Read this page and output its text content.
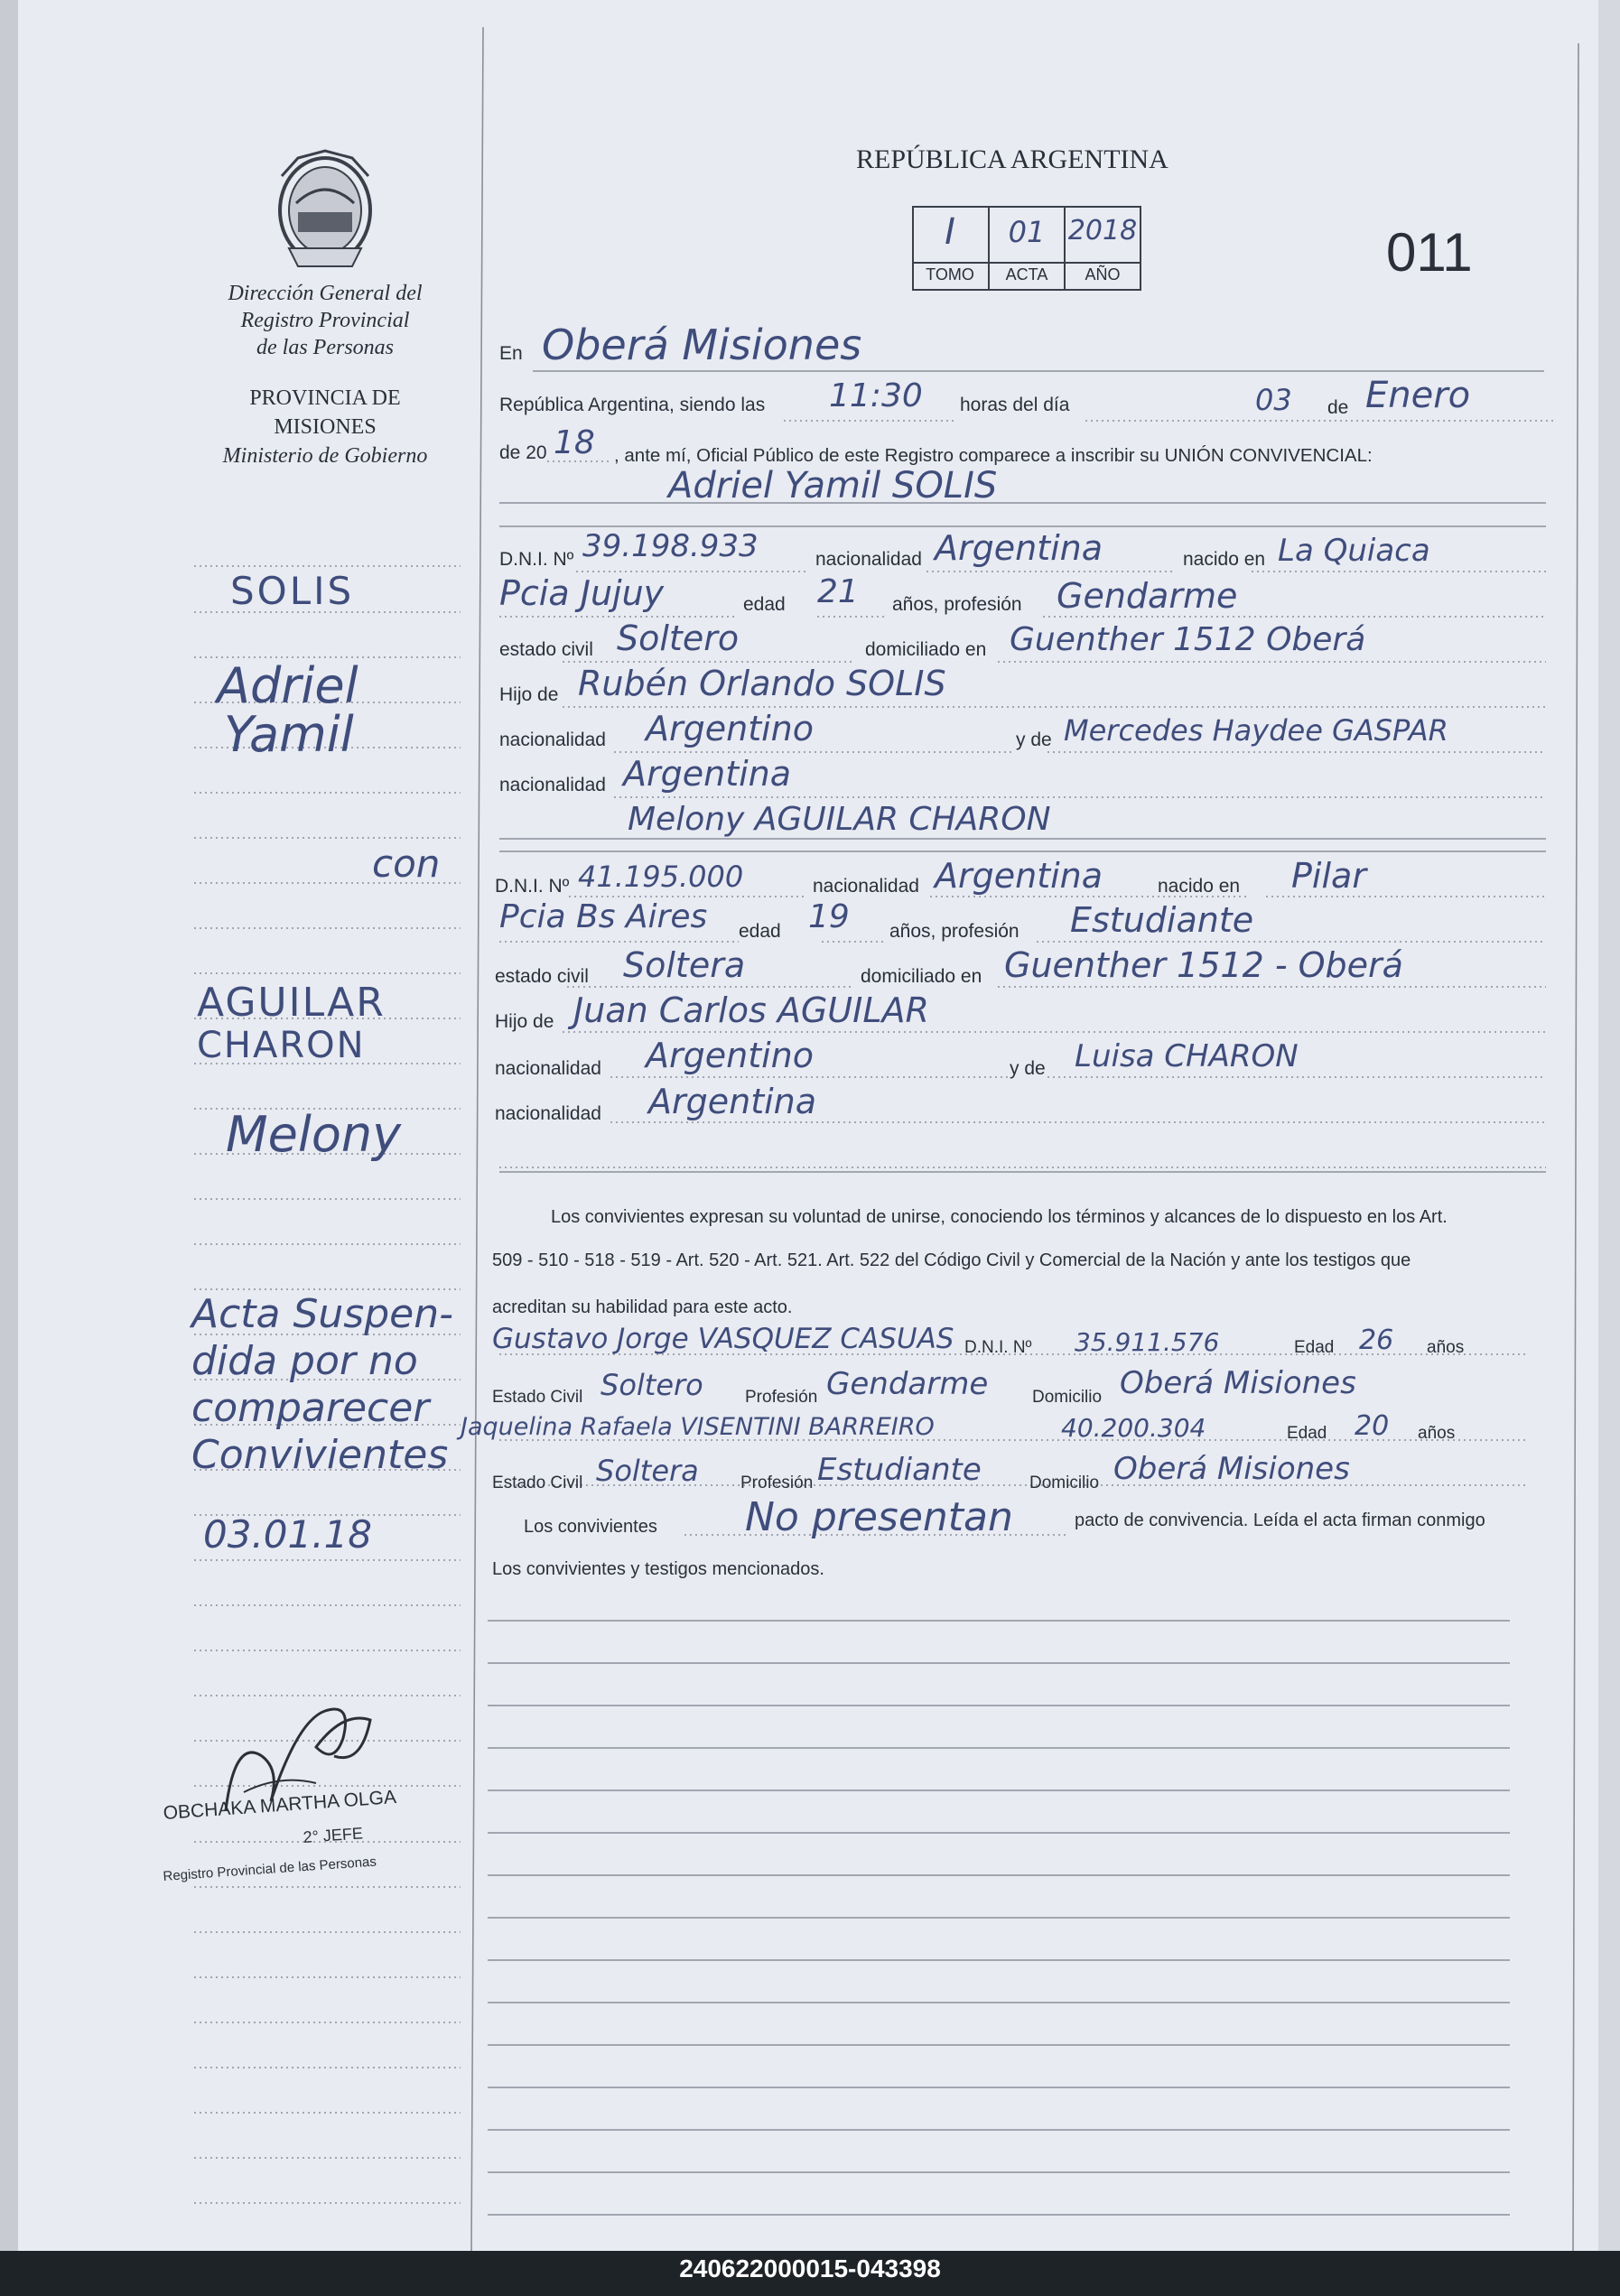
Dirección General del
Registro Provincial
de las Personas
PROVINCIA DE
MISIONES
Ministerio de Gobierno
REPÚBLICA ARGENTINA
I	01 2018
TOMO	ACTA	AÑO	011
En Oberá Misiones
República Argentina, siendo las 11:30 horas del día	03 de Enero
de 20 18 , ante mí, Oficial Público de este Registro comparece a inscribir su UNIÓN CONVIVENCIAL:
Adriel Yamil SOLIS
D.N.I. Nº 39.198.933	nacionalidad Argentina	nacido en La Quiaca
Pcia Jujuy	edad 21 años, profesión Gendarme
estado civil Soltero	domiciliado en Guenther 1512 Oberá
Hijo de Rubén Orlando SOLIS
nacionalidad Argentino	y de Mercedes Haydee GASPAR
nacionalidad Argentina
Melony AGUILAR CHARON
D.N.I. Nº 41.195.000	nacionalidad Argentina	nacido en Pilar
Pcia Bs Aires edad 19 años, profesión Estudiante
estado civil Soltera	domiciliado en Guenther 1512 - Oberá
Hijo de Juan Carlos AGUILAR
nacionalidad Argentino	y de Luisa CHARON
nacionalidad Argentina
Los convivientes expresan su voluntad de unirse, conociendo los términos y alcances de lo dispuesto en los Art.
509 - 510 - 518 - 519 - Art. 520 - Art. 521. Art. 522 del Código Civil y Comercial de la Nación y ante los testigos que
acreditan su habilidad para este acto.
Gustavo Jorge VASQUEZ CASUAS D.N.I. Nº 35.911.576	Edad 26 años
Estado Civil Soltero Profesión Gendarme	Domicilio Oberá Misiones
Jaquelina Rafaela VISENTINI BARREIRO	40.200.304	Edad 20 años
Estado Civil Soltera Profesión Estudiante	Domicilio Oberá Misiones
Los convivientes No presentan	pacto de convivencia. Leída el acta firman conmigo
Los convivientes y testigos mencionados.
SOLIS
Adriel
Yamil
con
AGUILAR
CHARON
Melony
Acta Suspen-
dida por no
comparecer
Convivientes
03.01.18
OBCHAKA MARTHA OLGA
2° JEFE
Registro Provincial de las Personas
240622000015-043398
